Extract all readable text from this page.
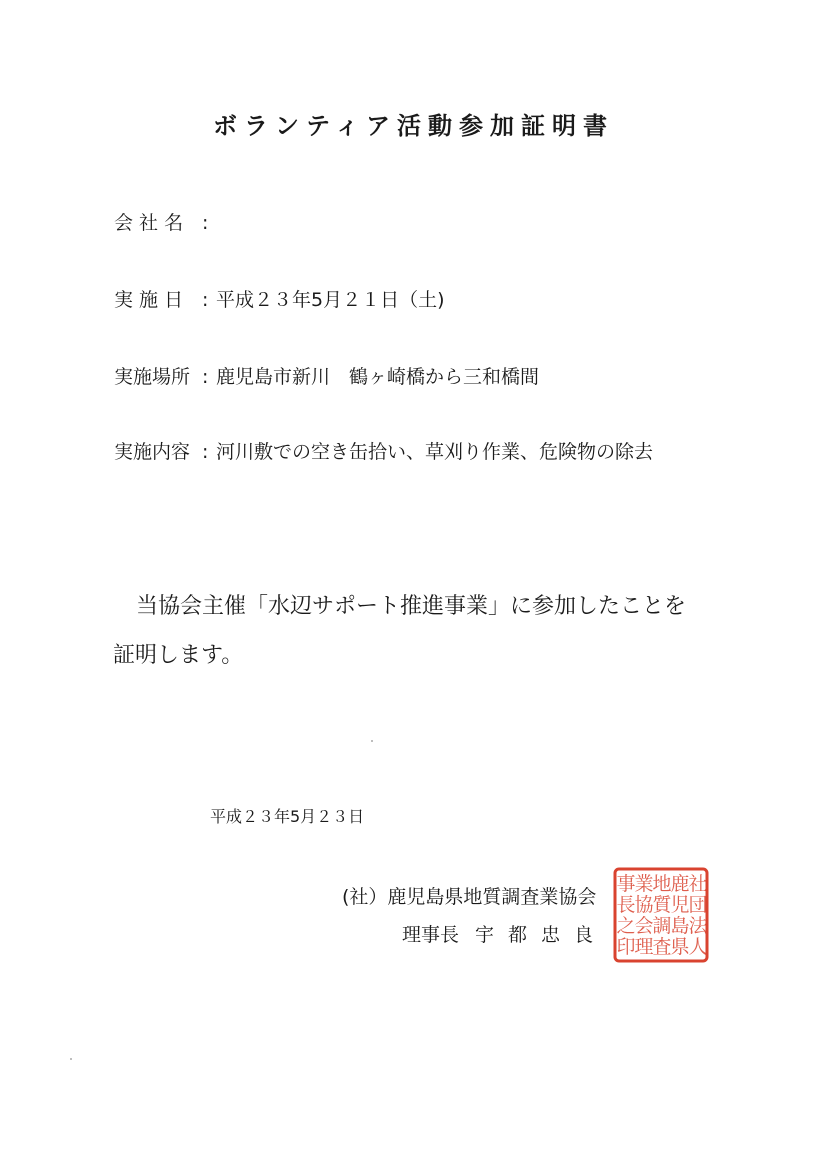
ボランティア活動参加証明書
会 社 名 :
実 施 日 : 平成２３年5月２１日（土)
実施場所 : 鹿児島市新川　鶴ヶ崎橋から三和橋間
実施内容 : 河川敷での空き缶拾い、草刈り作業、危険物の除去
当協会主催「水辺サポート推進事業」に参加したことを
証明します。
平成２３年5月２３日
(社）鹿児島県地質調査業協会
理事長 宇都忠良
社
団
法
人
鹿
児
島
県
地
質
調
査
業
協
会
理
事
長
之
印
